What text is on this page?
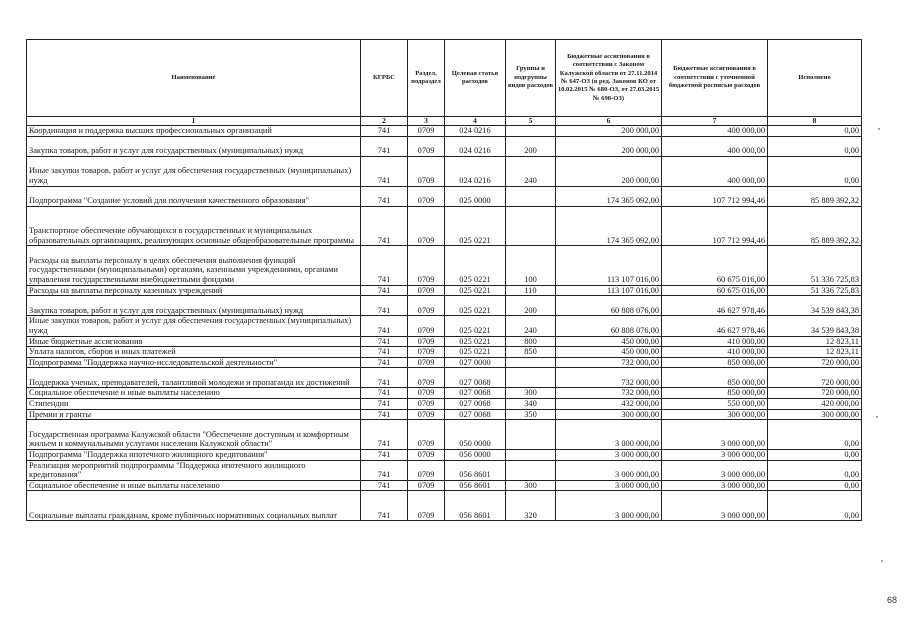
Наименование	КГРБС	Раздел, подраздел	Целевая статья расходов	Группы и подгруппы видов расходов	Бюджетные ассигнования в соответствии с Законом Калужской области от 27.11.2014 № 647-ОЗ (в ред. Законов КО от 10.02.2015 № 680-ОЗ, от 27.03.2015 № 698-ОЗ)	Бюджетные ассигнования в соответствии с уточненной бюджетной росписью расходов	Исполнено
1	2	3	4	5	6	7	8
Координация и поддержка высших профессиональных организаций	741	0709	024 0216		200 000,00	400 000,00	0,00
Закупка товаров, работ и услуг для государственных (муниципальных) нужд	741	0709	024 0216	200	200 000,00	400 000,00	0,00
Иные закупки товаров, работ и услуг для обеспечения государственных (муниципальных) нужд	741	0709	024 0216	240	200 000,00	400 000,00	0,00
Подпрограмма "Создание условий для получения качественного образования"	741	0709	025 0000		174 365 092,00	107 712 994,46	85 889 392,32
Транспортное обеспечение обучающихся в государственных и муниципальных образовательных организациях, реализующих основные общеобразовательные программы	741	0709	025 0221		174 365 092,00	107 712 994,46	85 889 392,32
Расходы на выплаты персоналу в целях обеспечения выполнения функций государственными (муниципальными) органами, казенными учреждениями, органами управления государственными внебюджетными фондами	741	0709	025 0221	100	113 107 016,00	60 675 016,00	51 336 725,83
Расходы на выплаты персоналу казенных учреждений	741	0709	025 0221	110	113 107 016,00	60 675 016,00	51 336 725,83
Закупка товаров, работ и услуг для государственных (муниципальных) нужд	741	0709	025 0221	200	60 808 076,00	46 627 978,46	34 539 843,38
Иные закупки товаров, работ и услуг для обеспечения государственных (муниципальных) нужд	741	0709	025 0221	240	60 808 076,00	46 627 978,46	34 539 843,38
Иные бюджетные ассигнования	741	0709	025 0221	800	450 000,00	410 000,00	12 823,11
Уплата налогов, сборов и иных платежей	741	0709	025 0221	850	450 000,00	410 000,00	12 823,11
Подпрограмма "Поддержка научно-исследовательской деятельности"	741	0709	027 0000		732 000,00	850 000,00	720 000,00
Поддержка ученых, преподавателей, талантливой молодежи и пропаганда их достижений	741	0709	027 0068		732 000,00	850 000,00	720 000,00
Социальное обеспечение и иные выплаты населению	741	0709	027 0068	300	732 000,00	850 000,00	720 000,00
Стипендии	741	0709	027 0068	340	432 000,00	550 000,00	420 000,00
Премии и гранты	741	0709	027 0068	350	300 000,00	300 000,00	300 000,00
Государственная программа Калужской области "Обеспечение доступным и комфортным жильем и коммунальными услугами населения Калужской области"	741	0709	050 0000		3 000 000,00	3 000 000,00	0,00
Подпрограмма "Поддержка ипотечного жилищного кредитования"	741	0709	056 0000		3 000 000,00	3 000 000,00	0,00
Реализация мероприятий подпрограммы "Поддержка ипотечного жилищного кредитования"	741	0709	056 8601		3 000 000,00	3 000 000,00	0,00
Социальное обеспечение и иные выплаты населению	741	0709	056 8601	300	3 000 000,00	3 000 000,00	0,00
Социальные выплаты гражданам, кроме публичных нормативных социальных выплат	741	0709	056 8601	320	3 000 000,00	3 000 000,00	0,00
68
